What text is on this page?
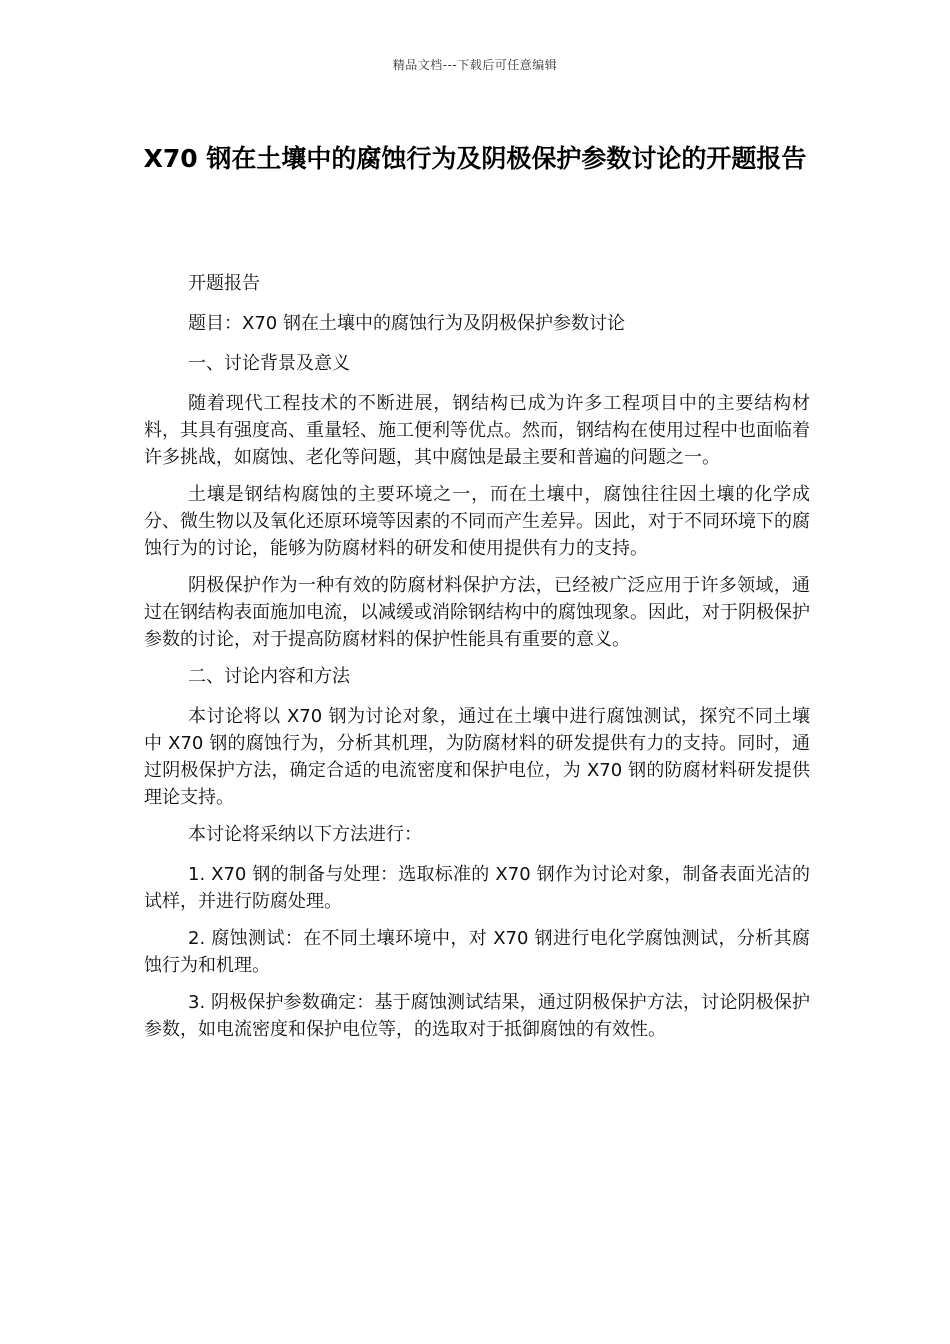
精品文档---下载后可任意编辑
X70 钢在土壤中的腐蚀行为及阴极保护参数讨论的开题报告

开题报告

题目：X70 钢在土壤中的腐蚀行为及阴极保护参数讨论

一、讨论背景及意义

随着现代工程技术的不断进展，钢结构已成为许多工程项目中的主要结构材料，其具有强度高、重量轻、施工便利等优点。然而，钢结构在使用过程中也面临着许多挑战，如腐蚀、老化等问题，其中腐蚀是最主要和普遍的问题之一。

土壤是钢结构腐蚀的主要环境之一，而在土壤中，腐蚀往往因土壤的化学成分、微生物以及氧化还原环境等因素的不同而产生差异。因此，对于不同环境下的腐蚀行为的讨论，能够为防腐材料的研发和使用提供有力的支持。

阴极保护作为一种有效的防腐材料保护方法，已经被广泛应用于许多领域，通过在钢结构表面施加电流，以减缓或消除钢结构中的腐蚀现象。因此，对于阴极保护参数的讨论，对于提高防腐材料的保护性能具有重要的意义。

二、讨论内容和方法

本讨论将以 X70 钢为讨论对象，通过在土壤中进行腐蚀测试，探究不同土壤中 X70 钢的腐蚀行为，分析其机理，为防腐材料的研发提供有力的支持。同时，通过阴极保护方法，确定合适的电流密度和保护电位，为 X70 钢的防腐材料研发提供理论支持。

本讨论将采纳以下方法进行：

1. X70 钢的制备与处理：选取标准的 X70 钢作为讨论对象，制备表面光洁的试样，并进行防腐处理。

2. 腐蚀测试：在不同土壤环境中，对 X70 钢进行电化学腐蚀测试，分析其腐蚀行为和机理。

3. 阴极保护参数确定：基于腐蚀测试结果，通过阴极保护方法，讨论阴极保护参数，如电流密度和保护电位等，的选取对于抵御腐蚀的有效性。
